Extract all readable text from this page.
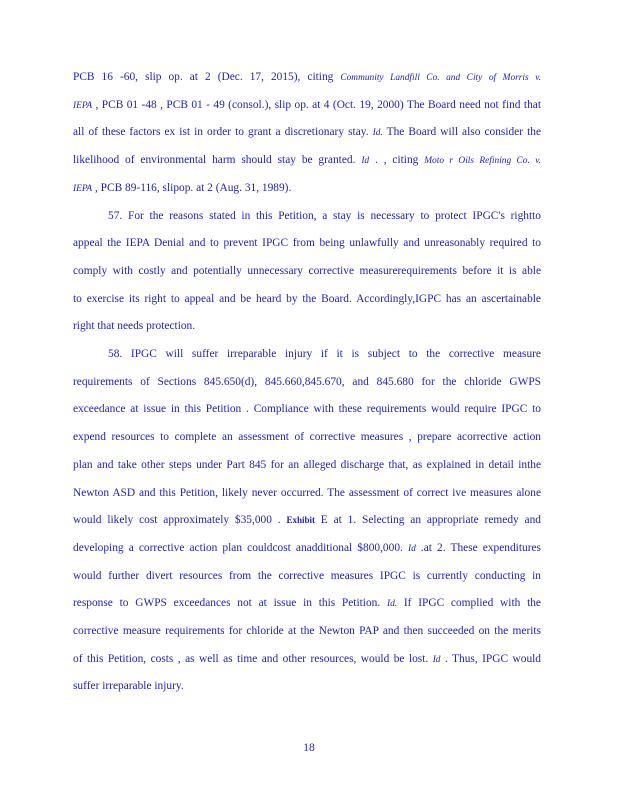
PCB 16 -60, slip op. at 2 (Dec. 17, 2015), citing Community Landfill Co. and City of Morris v.
IEPA , PCB 01 -48 , PCB 01 - 49 (consol.), slip op. at 4 (Oct. 19, 2000) The Board need not find that
all of these factors ex ist in order to grant a discretionary stay. Id. The Board will also consider the
likelihood of environmental harm should stay be granted. Id . , citing Moto r Oils Refining Co. v.
IEPA , PCB 89-116, slipop. at 2 (Aug. 31, 1989).
57. For the reasons stated in this Petition, a stay is necessary to protect IPGC's rightto
appeal the IEPA Denial and to prevent IPGC from being unlawfully and unreasonably required to
comply with costly and potentially unnecessary corrective measurerequirements before it is able
to exercise its right to appeal and be heard by the Board. Accordingly,IGPC has an ascertainable
right that needs protection.
58. IPGC will suffer irreparable injury if it is subject to the corrective measure
requirements of Sections 845.650(d), 845.660,845.670, and 845.680 for the chloride GWPS
exceedance at issue in this Petition . Compliance with these requirements would require IPGC to
expend resources to complete an assessment of corrective measures , prepare acorrective action
plan and take other steps under Part 845 for an alleged discharge that, as explained in detail inthe
Newton ASD and this Petition, likely never occurred. The assessment of correct ive measures alone
would likely cost approximately $35,000 . Exhibit E at 1. Selecting an appropriate remedy and
developing a corrective action plan couldcost anadditional $800,000. Id .at 2. These expenditures
would further divert resources from the corrective measures IPGC is currently conducting in
response to GWPS exceedances not at issue in this Petition. Id. If IPGC complied with the
corrective measure requirements for chloride at the Newton PAP and then succeeded on the merits
of this Petition, costs , as well as time and other resources, would be lost. Id . Thus, IPGC would
suffer irreparable injury.
18
